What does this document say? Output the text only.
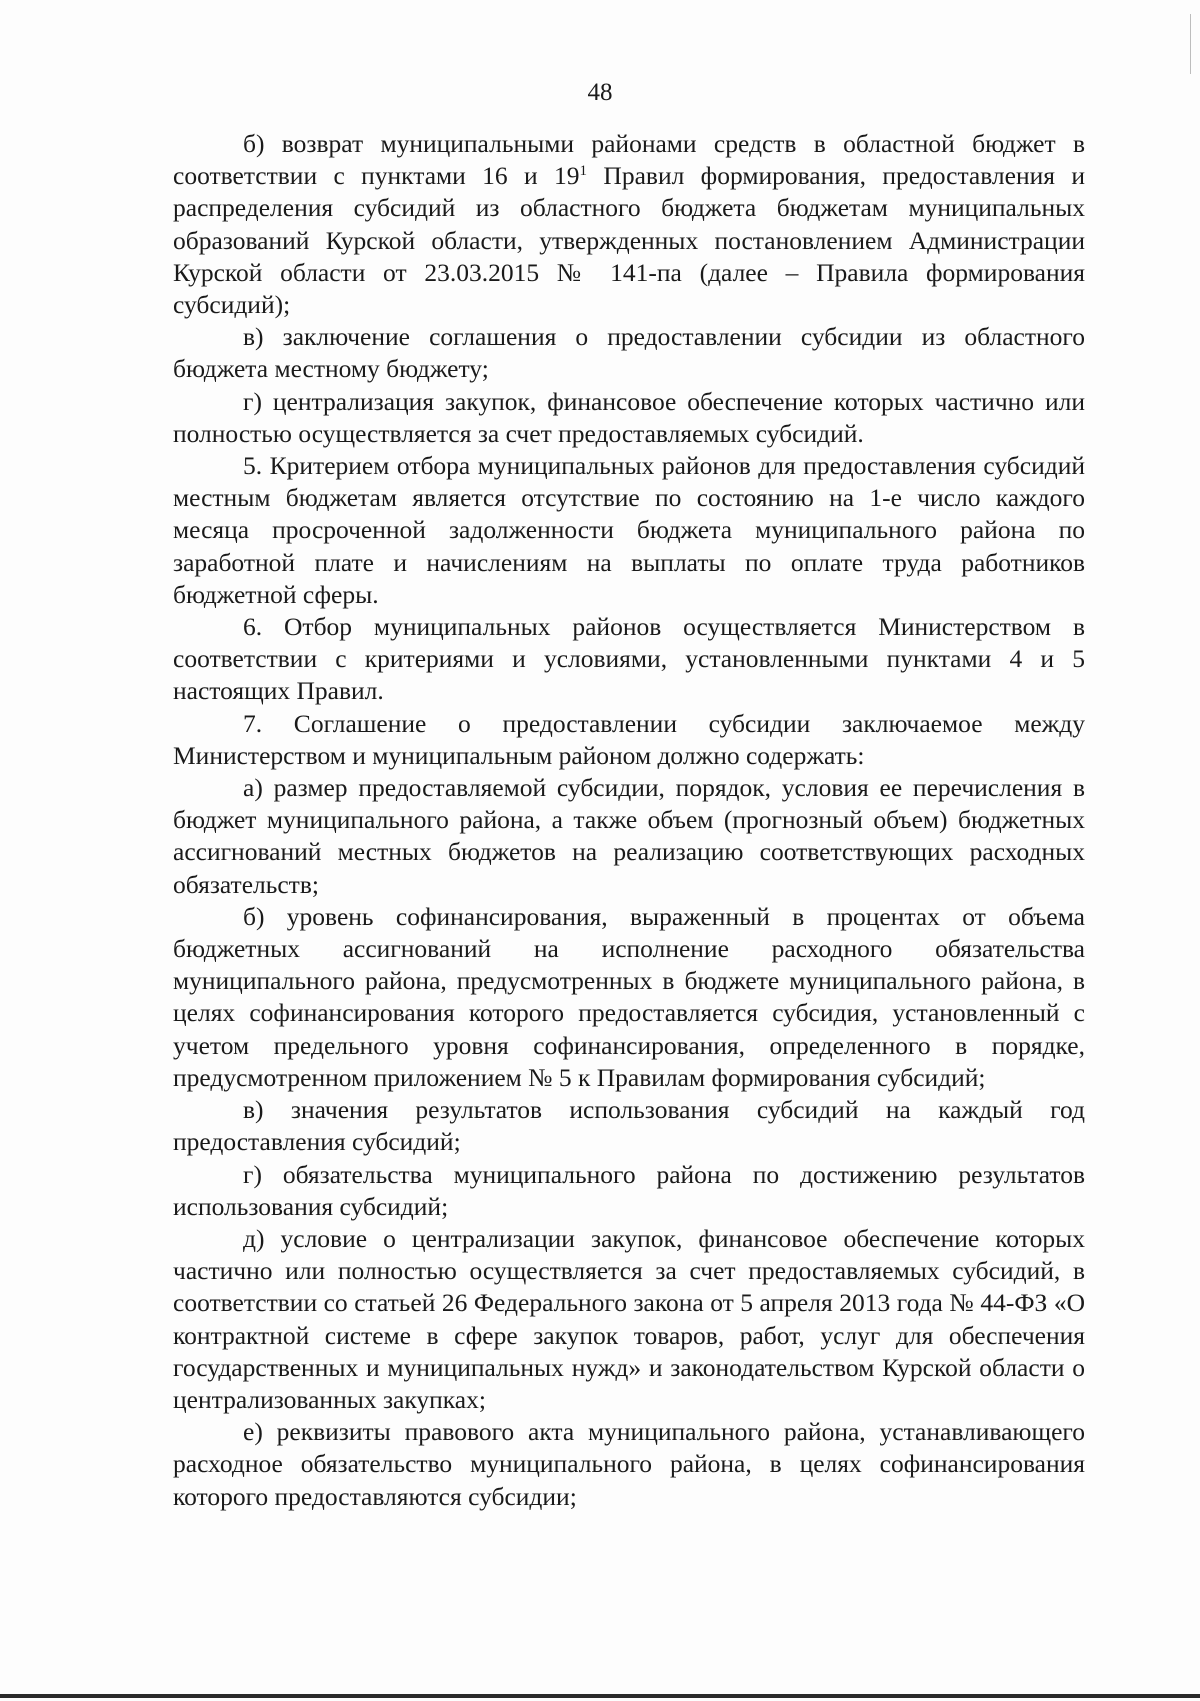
48

б) возврат муниципальными районами средств в областной бюджет в соответствии с пунктами 16 и $19^1$ Правил формирования, предоставления и распределения субсидий из областного бюджета бюджетам муниципальных образований Курской области, утвержденных постановлением Администрации Курской области от 23.03.2015 № 141-па (далее – Правила формирования субсидий);

в) заключение соглашения о предоставлении субсидии из областного бюджета местному бюджету;

г) централизация закупок, финансовое обеспечение которых частично или полностью осуществляется за счет предоставляемых субсидий.

5. Критерием отбора муниципальных районов для предоставления субсидий местным бюджетам является отсутствие по состоянию на 1-е число каждого месяца просроченной задолженности бюджета муниципального района по заработной плате и начислениям на выплаты по оплате труда работников бюджетной сферы.

6. Отбор муниципальных районов осуществляется Министерством в соответствии с критериями и условиями, установленными пунктами 4 и 5 настоящих Правил.

7. Соглашение о предоставлении субсидии заключаемое между Министерством и муниципальным районом должно содержать:

а) размер предоставляемой субсидии, порядок, условия ее перечисления в бюджет муниципального района, а также объем (прогнозный объем) бюджетных ассигнований местных бюджетов на реализацию соответствующих расходных обязательств;

б) уровень софинансирования, выраженный в процентах от объема бюджетных ассигнований на исполнение расходного обязательства муниципального района, предусмотренных в бюджете муниципального района, в целях софинансирования которого предоставляется субсидия, установленный с учетом предельного уровня софинансирования, определенного в порядке, предусмотренном приложением № 5 к Правилам формирования субсидий;

в) значения результатов использования субсидий на каждый год предоставления субсидий;

г) обязательства муниципального района по достижению результатов использования субсидий;

д) условие о централизации закупок, финансовое обеспечение которых частично или полностью осуществляется за счет предоставляемых субсидий, в соответствии со статьей 26 Федерального закона от 5 апреля 2013 года № 44-ФЗ «О контрактной системе в сфере закупок товаров, работ, услуг для обеспечения государственных и муниципальных нужд» и законодательством Курской области о централизованных закупках;

е) реквизиты правового акта муниципального района, устанавливающего расходное обязательство муниципального района, в целях софинансирования которого предоставляются субсидии;
